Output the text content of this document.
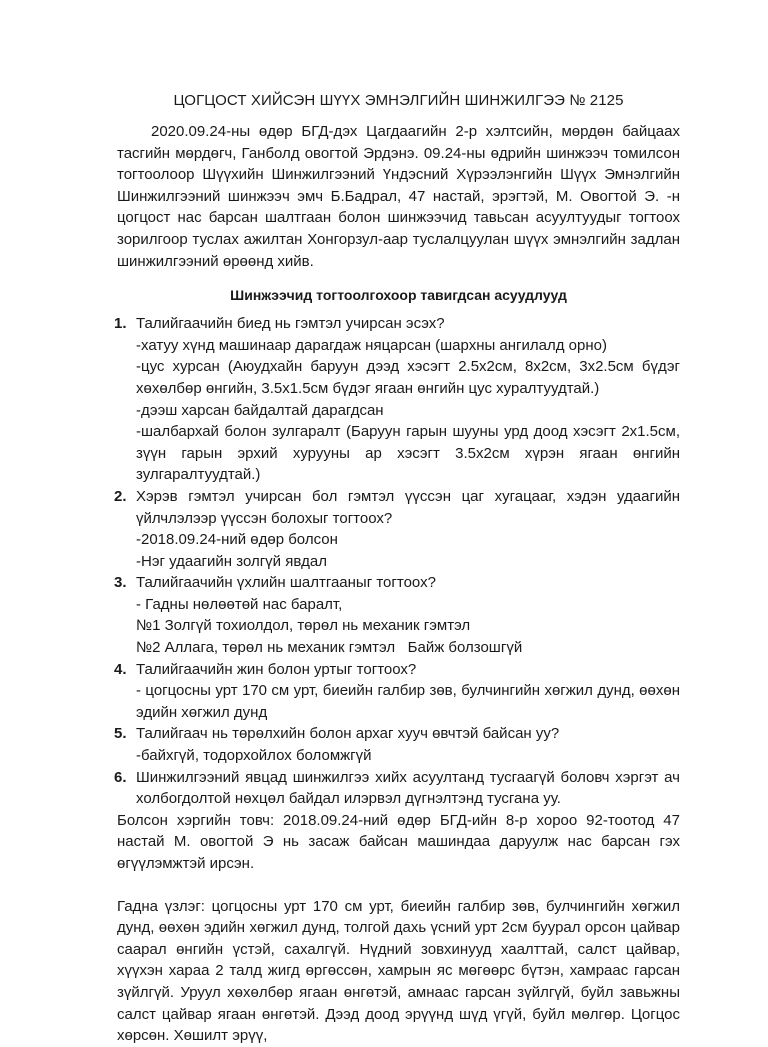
ЦОГЦОСТ ХИЙСЭН ШҮҮХ ЭМНЭЛГИЙН ШИНЖИЛГЭЭ № 2125

2020.09.24-ны өдөр БГД-дэх Цагдаагийн 2-р хэлтсийн, мөрдөн байцаах тасгийн мөрдөгч, Ганболд овогтой Эрдэнэ. 09.24-ны өдрийн шинжээч томилсон тогтоолоор Шүүхийн Шинжилгээний Үндэсний Хүрээлэнгийн Шүүх Эмнэлгийн Шинжилгээний шинжээч эмч Б.Бадрал, 47 настай, эрэгтэй, М. Овогтой Э. -н цогцост нас барсан шалтгаан болон шинжээчид тавьсан асуултуудыг тогтоох зорилгоор туслах ажилтан Хонгорзул-аар туслалцуулан шүүх эмнэлгийн задлан шинжилгээний өрөөнд хийв.

Шинжээчид тогтоолгохоор тавигдсан асуудлууд
1. Талийгаачийн биед нь гэмтэл учирсан эсэх?
-хатуу хүнд машинаар дарагдаж няцарсан (шархны ангилалд орно)
-цус хурсан (Аюудхайн баруун дээд хэсэгт 2.5х2см, 8х2см, 3х2.5см бүдэг хөхөлбөр өнгийн, 3.5х1.5см бүдэг ягаан өнгийн цус хуралтуудтай.)
-дээш харсан байдалтай дарагдсан
-шалбархай болон зулгаралт (Баруун гарын шууны урд доод хэсэгт 2х1.5см, зүүн гарын эрхий хурууны ар хэсэгт 3.5х2см хүрэн ягаан өнгийн зулгаралтуудтай.)
2. Хэрэв гэмтэл учирсан бол гэмтэл үүссэн цаг хугацааг, хэдэн удаагийн үйлчлэлээр үүссэн болохыг тогтоох?
-2018.09.24-ний өдөр болсон
-Нэг удаагийн золгүй явдал
3. Талийгаачийн үхлийн шалтгааныг тогтоох?
- Гадны нөлөөтөй нас баралт,
№1 Золгүй тохиолдол, төрөл нь механик гэмтэл
№2 Аллага, төрөл нь механик гэмтэл   Байж болзошгүй
4. Талийгаачийн жин болон уртыг тогтоох?
- цогцосны урт 170 см урт, биеийн галбир зөв, булчингийн хөгжил дунд, өөхөн эдийн хөгжил дунд
5. Талийгаач нь төрөлхийн болон архаг хууч өвчтэй байсан уу?
-байхгүй, тодорхойлох боломжгүй
6. Шинжилгээний явцад шинжилгээ хийх асуултанд тусгаагүй боловч хэргэт ач холбогдолтой нөхцөл байдал илэрвэл дүгнэлтэнд тусгана уу.

Болсон хэргийн товч: 2018.09.24-ний өдөр БГД-ийн 8-р хороо 92-тоотод 47 настай М. овогтой Э нь засаж байсан машиндаа даруулж нас барсан гэх өгүүлэмжтэй ирсэн.

Гадна үзлэг: цогцосны урт 170 см урт, биеийн галбир зөв, булчингийн хөгжил дунд, өөхөн эдийн хөгжил дунд, толгой дахь үсний урт 2см буурал орсон цайвар саарал өнгийн үстэй, сахалгүй. Нүдний зовхинууд хаалттай, салст цайвар, хүүхэн хараа 2 талд жигд өргөссөн, хамрын яс мөгөөрс бүтэн, хамраас гарсан зүйлгүй. Уруул хөхөлбөр ягаан өнгөтэй, амнаас гарсан зүйлгүй, буйл завьжны салст цайвар ягаан өнгөтэй. Дээд доод эрүүнд шүд үгүй, буйл мөлгөр. Цогцос хөрсөн. Хөшилт эрүү,
